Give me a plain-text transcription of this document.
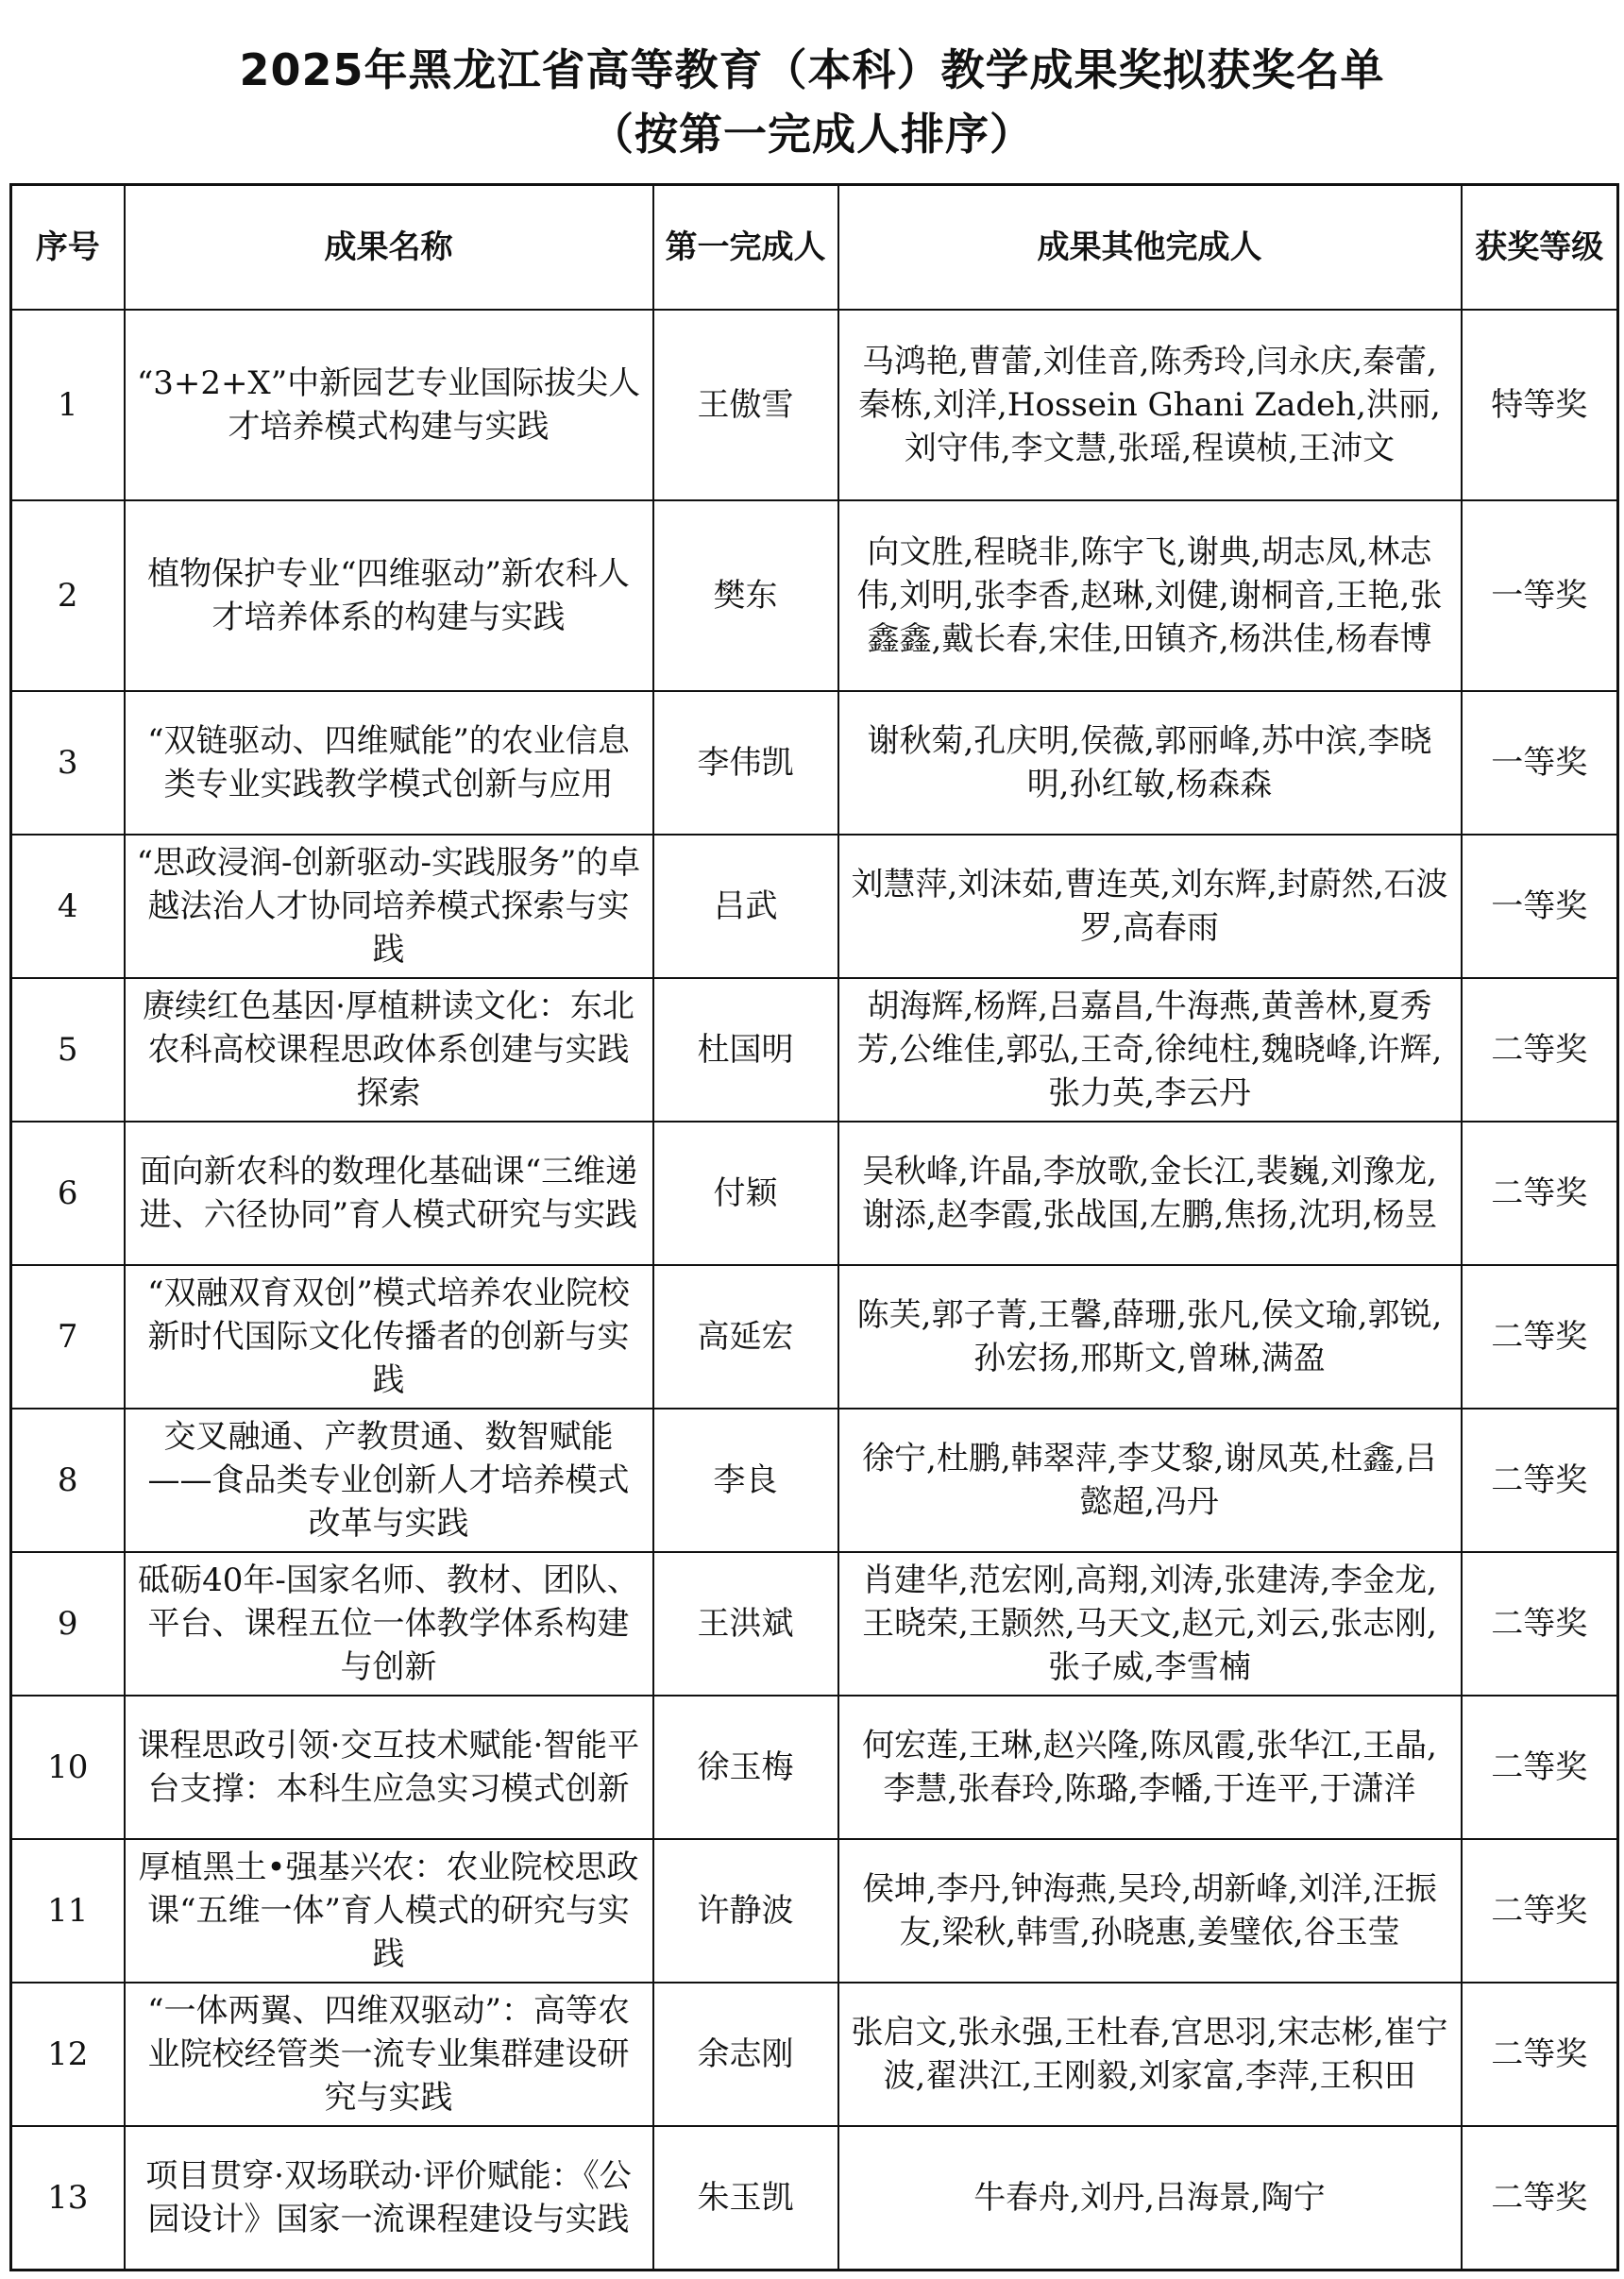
2025年黑龙江省高等教育（本科）教学成果奖拟获奖名单
（按第一完成人排序）
序号	成果名称	第一完成人	成果其他完成人	获奖等级

1	“3+2+X”中新园艺专业国际拔尖人才培养模式构建与实践	王傲雪	马鸿艳,曹蕾,刘佳音,陈秀玲,闫永庆,秦蕾,秦栋,刘洋,Hossein Ghani Zadeh,洪丽,刘守伟,李文慧,张瑶,程谟桢,王沛文	特等奖
2	植物保护专业“四维驱动”新农科人才培养体系的构建与实践	樊东	向文胜,程晓非,陈宇飞,谢典,胡志凤,林志伟,刘明,张李香,赵琳,刘健,谢桐音,王艳,张鑫鑫,戴长春,宋佳,田镇齐,杨洪佳,杨春博	一等奖
3	“双链驱动、四维赋能”的农业信息类专业实践教学模式创新与应用	李伟凯	谢秋菊,孔庆明,侯薇,郭丽峰,苏中滨,李晓明,孙红敏,杨森森	一等奖
4	“思政浸润-创新驱动-实践服务”的卓越法治人才协同培养模式探索与实践	吕武	刘慧萍,刘沫茹,曹连英,刘东辉,封蔚然,石波罗,高春雨	一等奖
5	赓续红色基因·厚植耕读文化：东北农科高校课程思政体系创建与实践探索	杜国明	胡海辉,杨辉,吕嘉昌,牛海燕,黄善林,夏秀芳,公维佳,郭弘,王奇,徐纯柱,魏晓峰,许辉,张力英,李云丹	二等奖
6	面向新农科的数理化基础课“三维递进、六径协同”育人模式研究与实践	付颖	吴秋峰,许晶,李放歌,金长江,裴巍,刘豫龙,谢添,赵李霞,张战国,左鹏,焦扬,沈玥,杨昱	二等奖
7	“双融双育双创”模式培养农业院校新时代国际文化传播者的创新与实践	高延宏	陈芙,郭子菁,王馨,薛珊,张凡,侯文瑜,郭锐,孙宏扬,邢斯文,曾琳,满盈	二等奖
8	交叉融通、产教贯通、数智赋能——食品类专业创新人才培养模式改革与实践	李良	徐宁,杜鹏,韩翠萍,李艾黎,谢凤英,杜鑫,吕懿超,冯丹	二等奖
9	砥砺40年-国家名师、教材、团队、平台、课程五位一体教学体系构建与创新	王洪斌	肖建华,范宏刚,高翔,刘涛,张建涛,李金龙,王晓荣,王颢然,马天文,赵元,刘云,张志刚,张子威,李雪楠	二等奖
10	课程思政引领·交互技术赋能·智能平台支撑：本科生应急实习模式创新	徐玉梅	何宏莲,王琳,赵兴隆,陈凤霞,张华江,王晶,李慧,张春玲,陈璐,李幡,于连平,于潇洋	二等奖
11	厚植黑土•强基兴农：农业院校思政课“五维一体”育人模式的研究与实践	许静波	侯坤,李丹,钟海燕,吴玲,胡新峰,刘洋,汪振友,梁秋,韩雪,孙晓惠,姜璧依,谷玉莹	二等奖
12	“一体两翼、四维双驱动”：高等农业院校经管类一流专业集群建设研究与实践	余志刚	张启文,张永强,王杜春,宫思羽,宋志彬,崔宁波,翟洪江,王刚毅,刘家富,李萍,王积田	二等奖
13	项目贯穿·双场联动·评价赋能：《公园设计》国家一流课程建设与实践	朱玉凯	牛春舟,刘丹,吕海景,陶宁	二等奖
